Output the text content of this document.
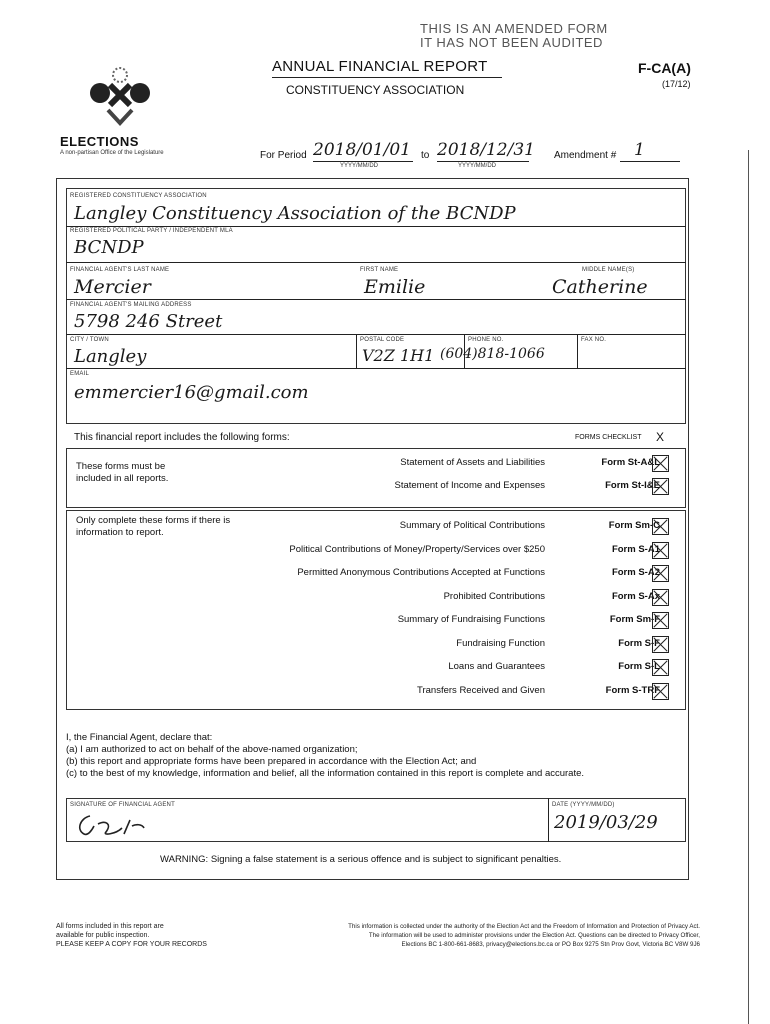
THIS IS AN AMENDED FORM
IT HAS NOT BEEN AUDITED
ELECTIONS
A non-partisan Office of the Legislature
ANNUAL FINANCIAL REPORT
CONSTITUENCY ASSOCIATION
F-CA(A)
(17/12)
For Period 2018/01/01
YYYY/MM/DD
to 2018/12/31
YYYY/MM/DD
Amendment # 1
REGISTERED CONSTITUENCY ASSOCIATION
Langley Constituency Association of the BCNDP
REGISTERED POLITICAL PARTY / INDEPENDENT MLA
BCNDP
FINANCIAL AGENT'S LAST NAME
Mercier
FIRST NAME
Emilie
MIDDLE NAME(S)
Catherine
FINANCIAL AGENT'S MAILING ADDRESS
5798 246 Street
CITY / TOWN
Langley
POSTAL CODE
V2Z 1H1
PHONE NO.
(604)818-1066
FAX NO.
EMAIL
emmercier16@gmail.com
This financial report includes the following forms:	FORMS CHECKLIST X
These forms must be included in all reports.
Only complete these forms if there is information to report.
Statement of Assets and Liabilities	Form St-A&L
Statement of Income and Expenses	Form St-I&E
Summary of Political Contributions	Form Sm-C
Political Contributions of Money/Property/Services over $250	Form S-A1
Permitted Anonymous Contributions Accepted at Functions	Form S-A2
Prohibited Contributions	Form S-Ax
Summary of Fundraising Functions	Form Sm-F
Fundraising Function	Form S-F
Loans and Guarantees	Form S-L
Transfers Received and Given	Form S-TRF
I, the Financial Agent, declare that:
(a) I am authorized to act on behalf of the above-named organization;
(b) this report and appropriate forms have been prepared in accordance with the Election Act; and
(c) to the best of my knowledge, information and belief, all the information contained in this report is complete and accurate.
SIGNATURE OF FINANCIAL AGENT	DATE (YYYY/MM/DD)
2019/03/29
WARNING: Signing a false statement is a serious offence and is subject to significant penalties.
All forms included in this report are
available for public inspection.
PLEASE KEEP A COPY FOR YOUR RECORDS
This information is collected under the authority of the Election Act and the Freedom of Information and Protection of Privacy Act.
The information will be used to administer provisions under the Election Act. Questions can be directed to Privacy Officer,
Elections BC 1-800-661-8683, privacy@elections.bc.ca or PO Box 9275 Stn Prov Govt, Victoria BC V8W 9J6
